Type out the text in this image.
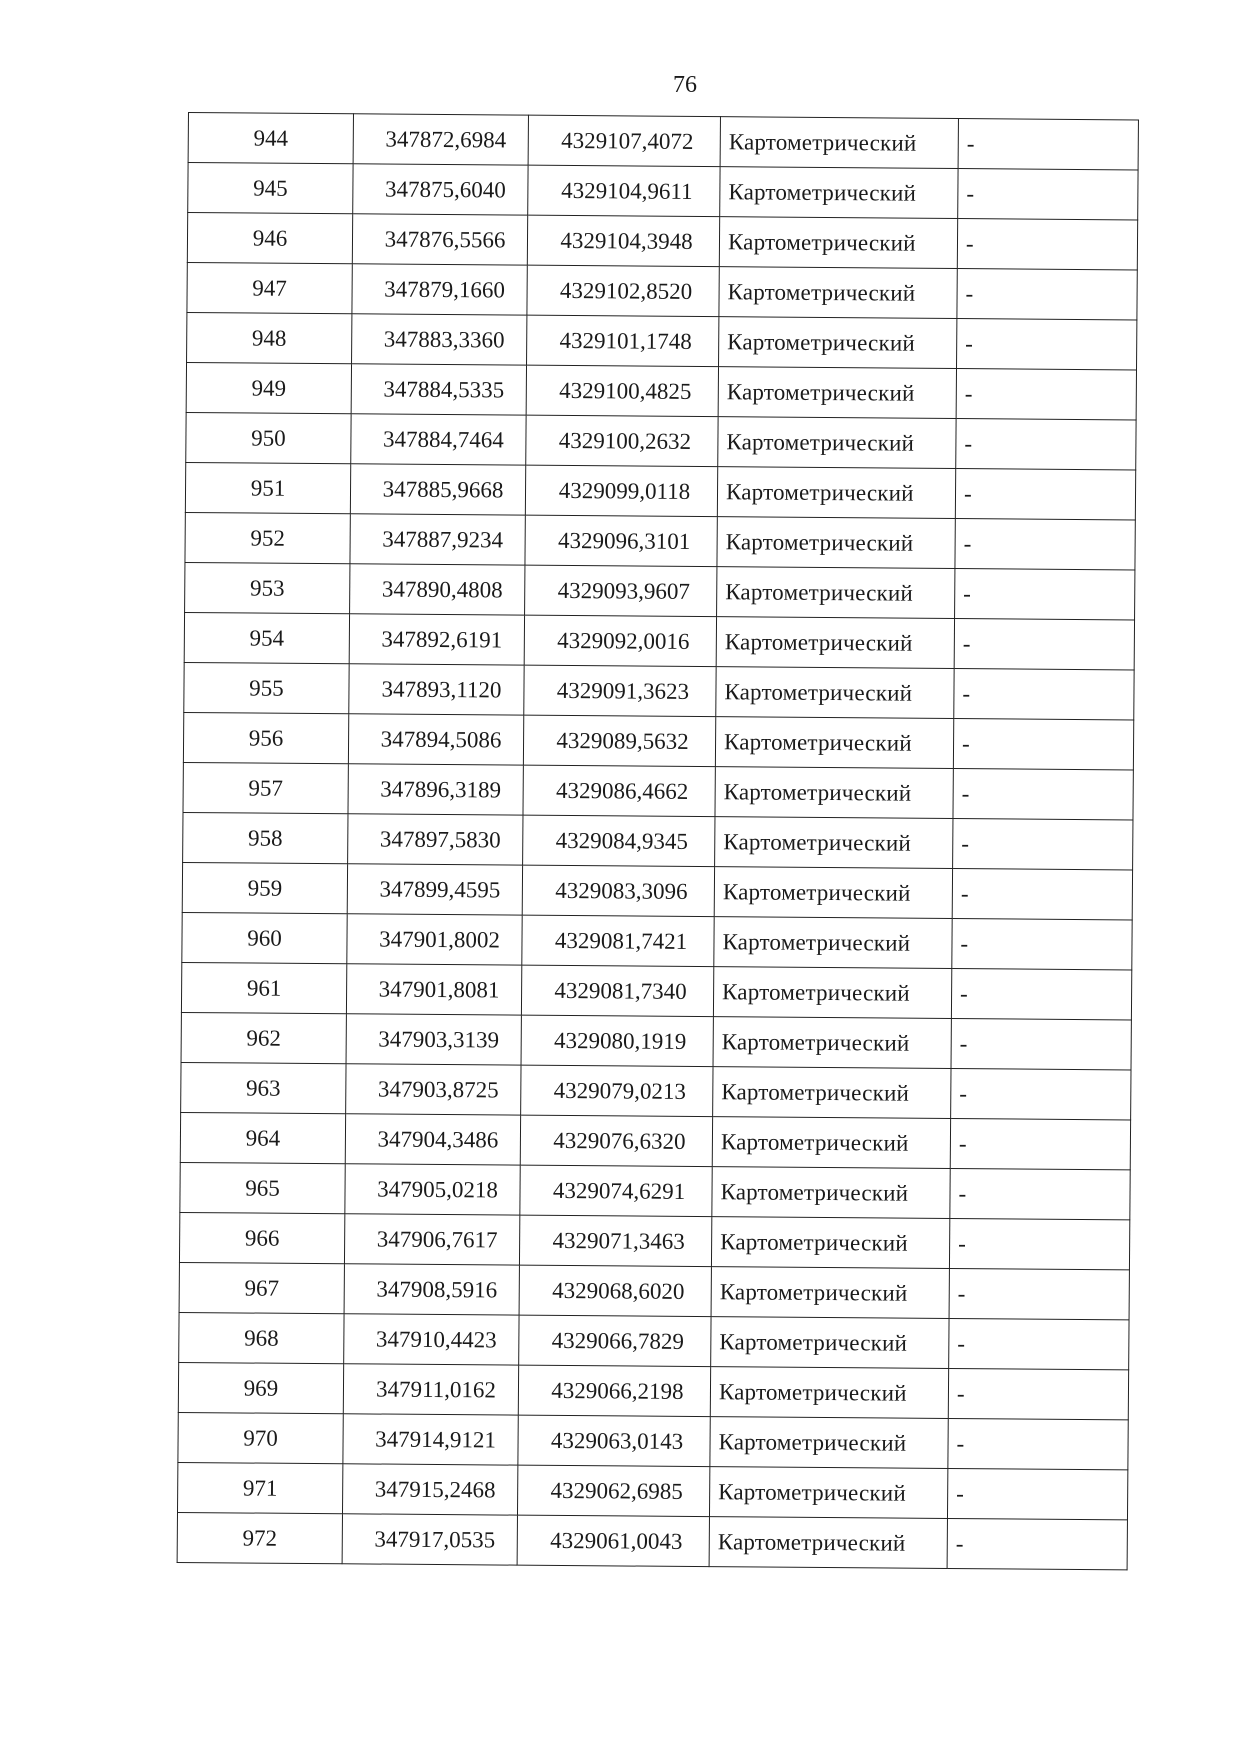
76
944	347872,6984	4329107,4072	Картометрический	-
945	347875,6040	4329104,9611	Картометрический	-
946	347876,5566	4329104,3948	Картометрический	-
947	347879,1660	4329102,8520	Картометрический	-
948	347883,3360	4329101,1748	Картометрический	-
949	347884,5335	4329100,4825	Картометрический	-
950	347884,7464	4329100,2632	Картометрический	-
951	347885,9668	4329099,0118	Картометрический	-
952	347887,9234	4329096,3101	Картометрический	-
953	347890,4808	4329093,9607	Картометрический	-
954	347892,6191	4329092,0016	Картометрический	-
955	347893,1120	4329091,3623	Картометрический	-
956	347894,5086	4329089,5632	Картометрический	-
957	347896,3189	4329086,4662	Картометрический	-
958	347897,5830	4329084,9345	Картометрический	-
959	347899,4595	4329083,3096	Картометрический	-
960	347901,8002	4329081,7421	Картометрический	-
961	347901,8081	4329081,7340	Картометрический	-
962	347903,3139	4329080,1919	Картометрический	-
963	347903,8725	4329079,0213	Картометрический	-
964	347904,3486	4329076,6320	Картометрический	-
965	347905,0218	4329074,6291	Картометрический	-
966	347906,7617	4329071,3463	Картометрический	-
967	347908,5916	4329068,6020	Картометрический	-
968	347910,4423	4329066,7829	Картометрический	-
969	347911,0162	4329066,2198	Картометрический	-
970	347914,9121	4329063,0143	Картометрический	-
971	347915,2468	4329062,6985	Картометрический	-
972	347917,0535	4329061,0043	Картометрический	-
